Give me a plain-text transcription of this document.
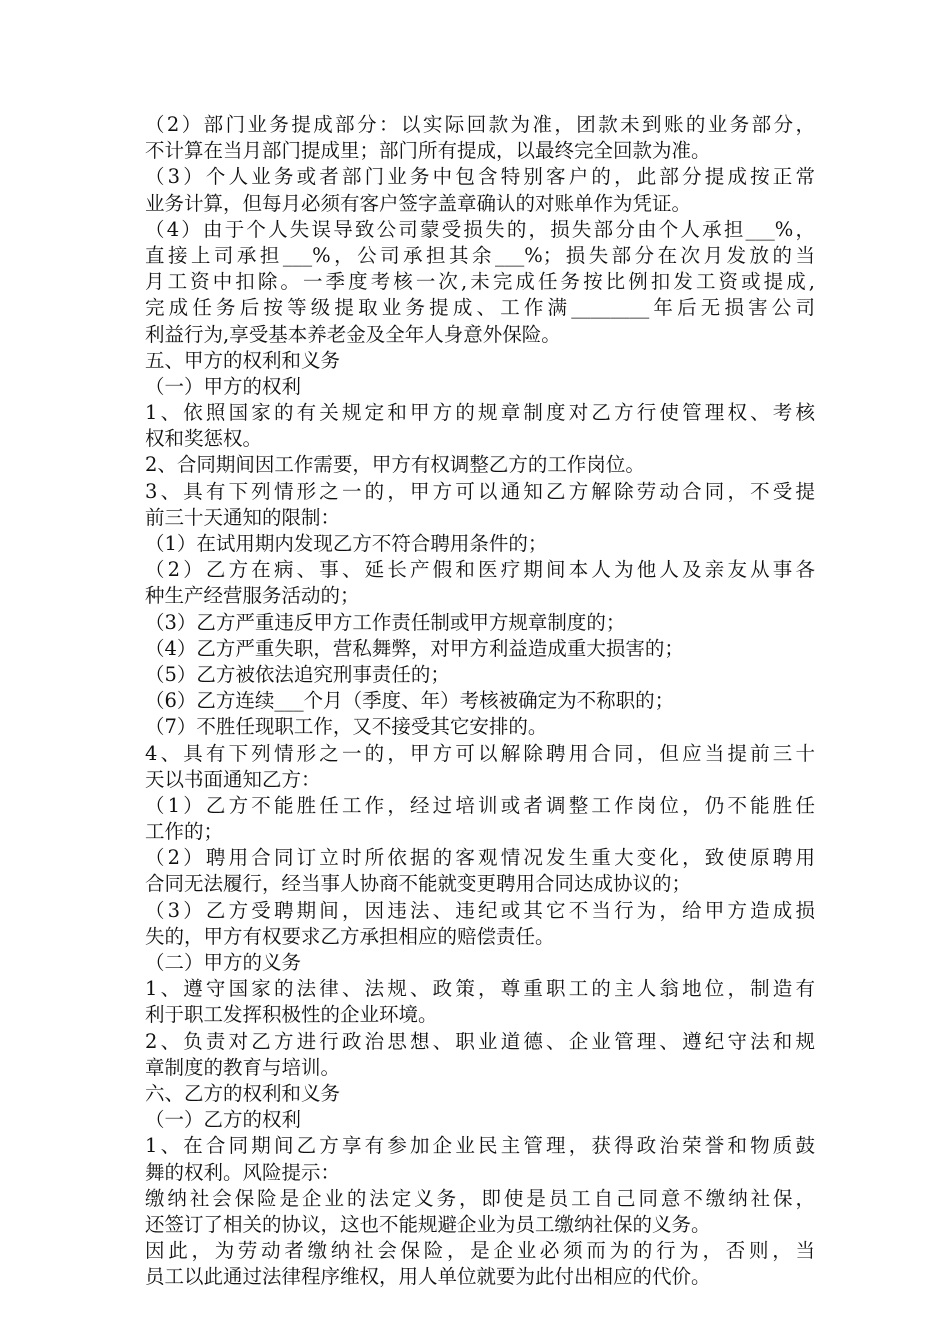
（2）部门业务提成部分：以实际回款为准，团款未到账的业务部分，
不计算在当月部门提成里；部门所有提成，以最终完全回款为准。
（3）个人业务或者部门业务中包含特别客户的，此部分提成按正常
业务计算，但每月必须有客户签字盖章确认的对账单作为凭证。
（4）由于个人失误导致公司蒙受损失的，损失部分由个人承担___%，
直接上司承担___%，公司承担其余___%；损失部分在次月发放的当
月工资中扣除。一季度考核一次,未完成任务按比例扣发工资或提成,
完成任务后按等级提取业务提成、工作满________年后无损害公司
利益行为,享受基本养老金及全年人身意外保险。
五、甲方的权利和义务
（一）甲方的权利
1、依照国家的有关规定和甲方的规章制度对乙方行使管理权、考核
权和奖惩权。
2、合同期间因工作需要，甲方有权调整乙方的工作岗位。
3、具有下列情形之一的，甲方可以通知乙方解除劳动合同，不受提
前三十天通知的限制：
（1）在试用期内发现乙方不符合聘用条件的；
（2）乙方在病、事、延长产假和医疗期间本人为他人及亲友从事各
种生产经营服务活动的；
（3）乙方严重违反甲方工作责任制或甲方规章制度的；
（4）乙方严重失职，营私舞弊，对甲方利益造成重大损害的；
（5）乙方被依法追究刑事责任的；
（6）乙方连续___个月（季度、年）考核被确定为不称职的；
（7）不胜任现职工作，又不接受其它安排的。
4、具有下列情形之一的，甲方可以解除聘用合同，但应当提前三十
天以书面通知乙方：
（1）乙方不能胜任工作，经过培训或者调整工作岗位，仍不能胜任
工作的；
（2）聘用合同订立时所依据的客观情况发生重大变化，致使原聘用
合同无法履行，经当事人协商不能就变更聘用合同达成协议的；
（3）乙方受聘期间，因违法、违纪或其它不当行为，给甲方造成损
失的，甲方有权要求乙方承担相应的赔偿责任。
（二）甲方的义务
1、遵守国家的法律、法规、政策，尊重职工的主人翁地位，制造有
利于职工发挥积极性的企业环境。
2、负责对乙方进行政治思想、职业道德、企业管理、遵纪守法和规
章制度的教育与培训。
六、乙方的权利和义务
（一）乙方的权利
1、在合同期间乙方享有参加企业民主管理，获得政治荣誉和物质鼓
舞的权利。风险提示：
缴纳社会保险是企业的法定义务，即使是员工自己同意不缴纳社保，
还签订了相关的协议，这也不能规避企业为员工缴纳社保的义务。
因此，为劳动者缴纳社会保险，是企业必须而为的行为，否则，当
员工以此通过法律程序维权，用人单位就要为此付出相应的代价。
